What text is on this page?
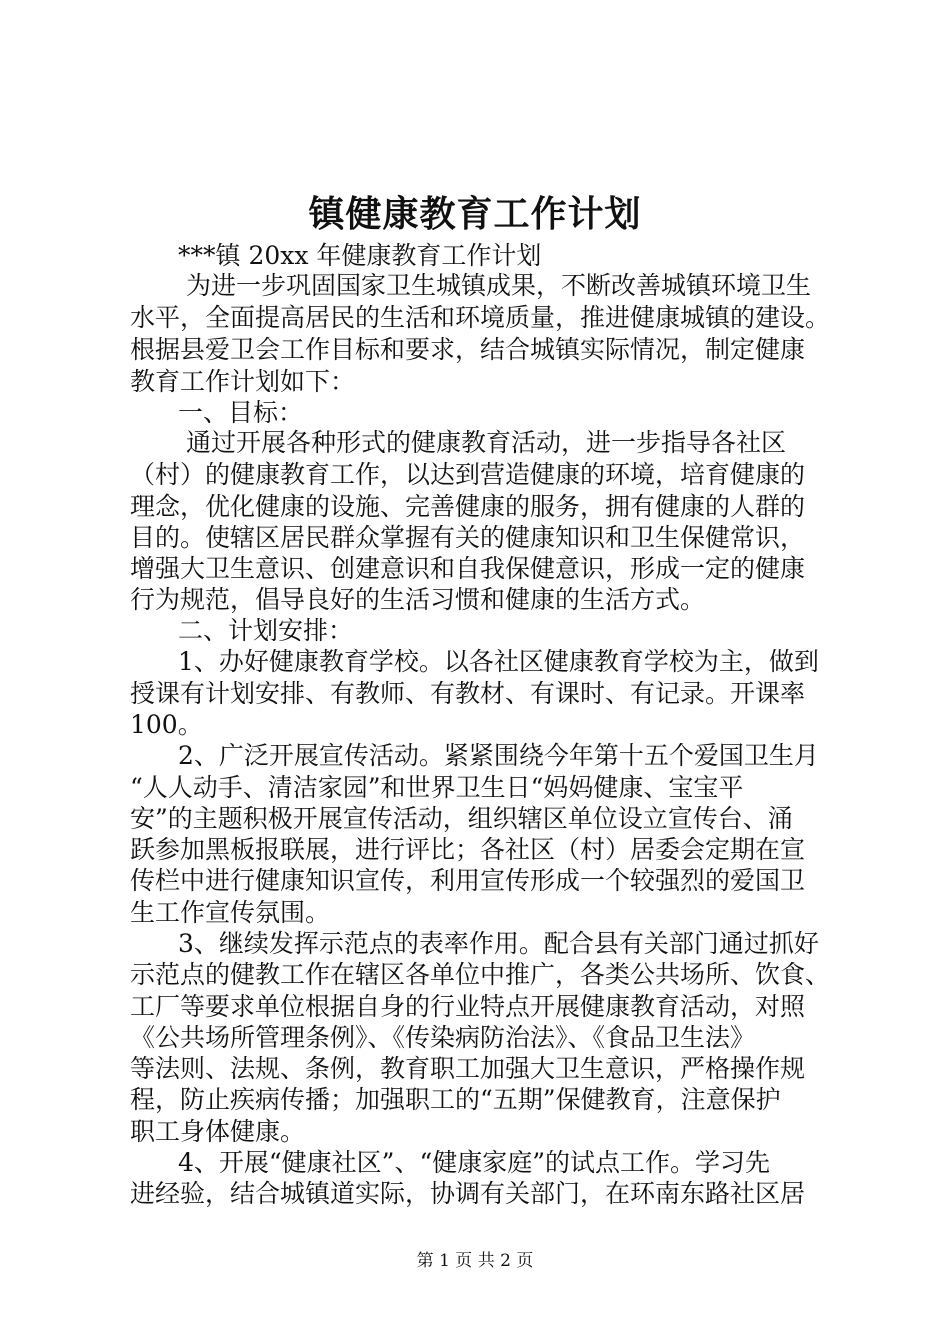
镇健康教育工作计划
***镇 20xx 年健康教育工作计划
为进一步巩固国家卫生城镇成果，不断改善城镇环境卫生
水平，全面提高居民的生活和环境质量，推进健康城镇的建设。
根据县爱卫会工作目标和要求，结合城镇实际情况，制定健康
教育工作计划如下：
一、目标：
通过开展各种形式的健康教育活动，进一步指导各社区
（村）的健康教育工作，以达到营造健康的环境，培育健康的
理念，优化健康的设施、完善健康的服务，拥有健康的人群的
目的。使辖区居民群众掌握有关的健康知识和卫生保健常识，
增强大卫生意识、创建意识和自我保健意识，形成一定的健康
行为规范，倡导良好的生活习惯和健康的生活方式。
二、计划安排：
1、办好健康教育学校。以各社区健康教育学校为主，做到
授课有计划安排、有教师、有教材、有课时、有记录。开课率
100。
2、广泛开展宣传活动。紧紧围绕今年第十五个爱国卫生月
“人人动手、清洁家园”和世界卫生日“妈妈健康、宝宝平
安”的主题积极开展宣传活动，组织辖区单位设立宣传台、涌
跃参加黑板报联展，进行评比；各社区（村）居委会定期在宣
传栏中进行健康知识宣传，利用宣传形成一个较强烈的爱国卫
生工作宣传氛围。
3、继续发挥示范点的表率作用。配合县有关部门通过抓好
示范点的健教工作在辖区各单位中推广，各类公共场所、饮食、
工厂等要求单位根据自身的行业特点开展健康教育活动，对照
《公共场所管理条例》、《传染病防治法》、《食品卫生法》
等法则、法规、条例，教育职工加强大卫生意识，严格操作规
程，防止疾病传播；加强职工的“五期”保健教育，注意保护
职工身体健康。
4、开展“健康社区”、“健康家庭”的试点工作。学习先
进经验，结合城镇道实际，协调有关部门，在环南东路社区居
第 1 页 共 2 页
